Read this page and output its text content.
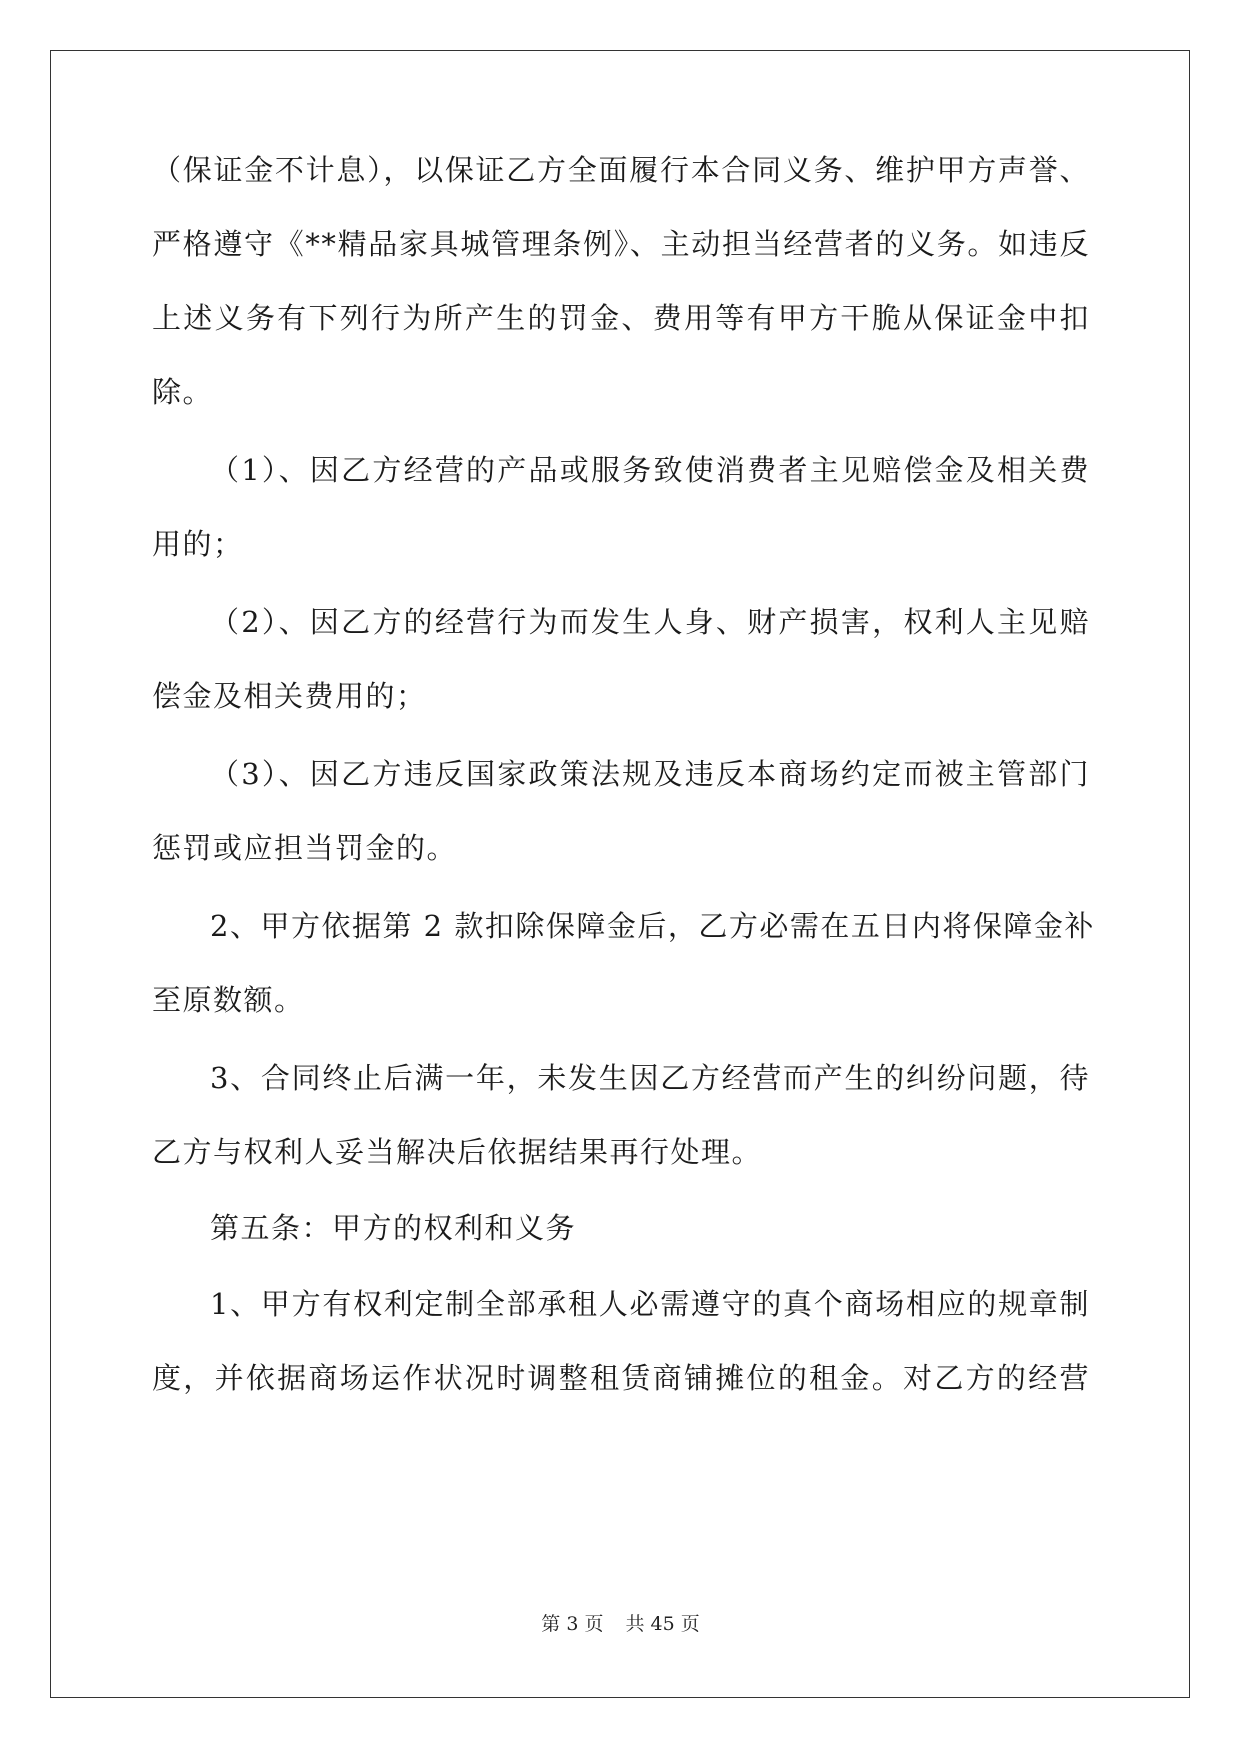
（保证金不计息），以保证乙方全面履行本合同义务、维护甲方声誉、
严格遵守《**精品家具城管理条例》、主动担当经营者的义务。如违反
上述义务有下列行为所产生的罚金、费用等有甲方干脆从保证金中扣
除。
（1）、因乙方经营的产品或服务致使消费者主见赔偿金及相关费
用的；
（2）、因乙方的经营行为而发生人身、财产损害，权利人主见赔
偿金及相关费用的；
（3）、因乙方违反国家政策法规及违反本商场约定而被主管部门
惩罚或应担当罚金的。
2、甲方依据第 2 款扣除保障金后，乙方必需在五日内将保障金补
至原数额。
3、合同终止后满一年，未发生因乙方经营而产生的纠纷问题，待
乙方与权利人妥当解决后依据结果再行处理。
第五条：甲方的权利和义务
1、甲方有权利定制全部承租人必需遵守的真个商场相应的规章制
度，并依据商场运作状况时调整租赁商铺摊位的租金。对乙方的经营
第 3 页 共 45 页
